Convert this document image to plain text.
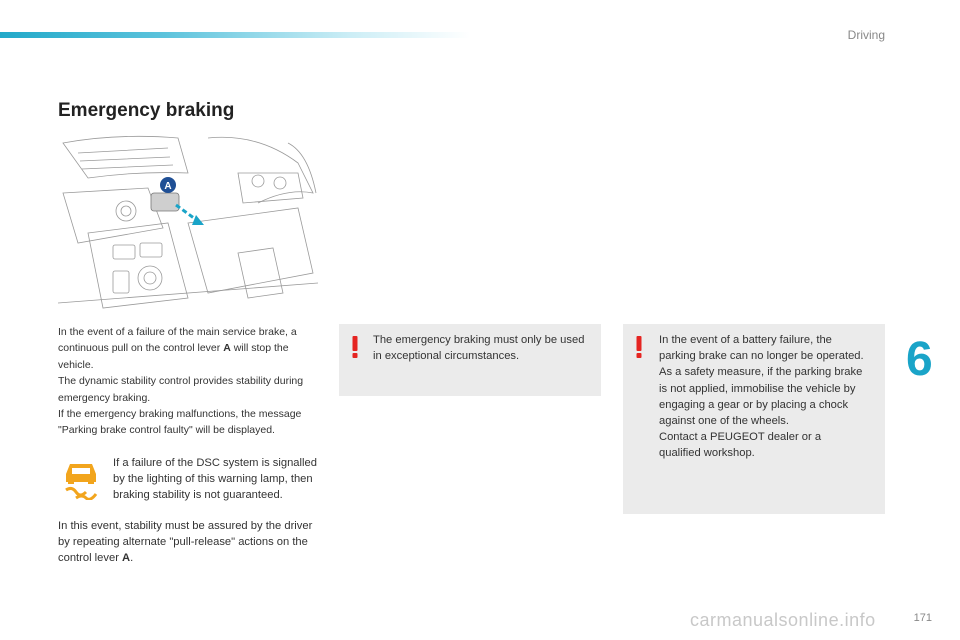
Driving
Emergency braking
A
In the event of a failure of the main service brake, a continuous pull on the control lever A will stop the vehicle.
The dynamic stability control provides stability during emergency braking.
If the emergency braking malfunctions, the message "Parking brake control faulty" will be displayed.
If a failure of the DSC system is signalled by the lighting of this warning lamp, then braking stability is not guaranteed.
In this event, stability must be assured by the driver by repeating alternate "pull-release" actions on the control lever A.
The emergency braking must only be used in exceptional circumstances.
In the event of a battery failure, the parking brake can no longer be operated.
As a safety measure, if the parking brake is not applied, immobilise the vehicle by engaging a gear or by placing a chock against one of the wheels.
Contact a PEUGEOT dealer or a qualified workshop.
6
carmanualsonline.info	171
